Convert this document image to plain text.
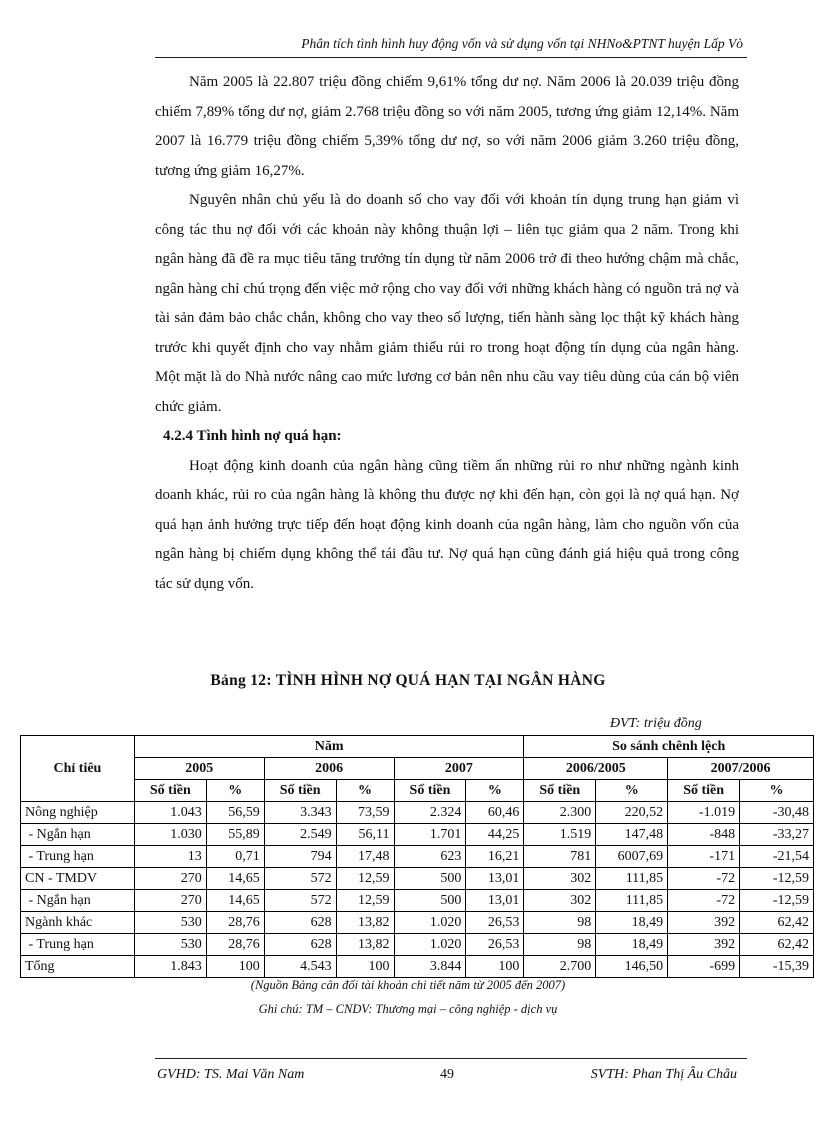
Phân tích tình hình huy động vốn và sử dụng vốn tại NHNo&PTNT huyện Lấp Vò

Năm 2005 là 22.807 triệu đồng chiếm 9,61% tổng dư nợ. Năm 2006 là 20.039 triệu đồng chiếm 7,89% tổng dư nợ, giảm 2.768 triệu đồng so với năm 2005, tương ứng giảm 12,14%. Năm 2007 là 16.779 triệu đồng chiếm 5,39% tổng dư nợ, so với năm 2006 giảm 3.260 triệu đồng, tương ứng giảm 16,27%.

Nguyên nhân chủ yếu là do doanh số cho vay đối với khoản tín dụng trung hạn giảm vì công tác thu nợ đối với các khoản này không thuận lợi – liên tục giảm qua 2 năm. Trong khi ngân hàng đã đề ra mục tiêu tăng trưởng tín dụng từ năm 2006 trở đi theo hướng chậm mà chắc, ngân hàng chỉ chú trọng đến việc mở rộng cho vay đối với những khách hàng có nguồn trả nợ và tài sản đảm bảo chắc chắn, không cho vay theo số lượng, tiến hành sàng lọc thật kỹ khách hàng trước khi quyết định cho vay nhằm giảm thiểu rủi ro trong hoạt động tín dụng của ngân hàng. Một mặt là do Nhà nước nâng cao mức lương cơ bản nên nhu cầu vay tiêu dùng của cán bộ viên chức giảm.

4.2.4 Tình hình nợ quá hạn:

Hoạt động kinh doanh của ngân hàng cũng tiềm ẩn những rủi ro như những ngành kinh doanh khác, rủi ro của ngân hàng là không thu được nợ khi đến hạn, còn gọi là nợ quá hạn. Nợ quá hạn ảnh hưởng trực tiếp đến hoạt động kinh doanh của ngân hàng, làm cho nguồn vốn của ngân hàng bị chiếm dụng không thể tái đầu tư. Nợ quá hạn cũng đánh giá hiệu quả trong công tác sử dụng vốn.

Bảng 12: TÌNH HÌNH NỢ QUÁ HẠN TẠI NGÂN HÀNG
ĐVT: triệu đồng
Chỉ tiêu	Năm						So sánh chênh lệch			
	2005		2006		2007		2006/2005		2007/2006	
	Số tiền	%	Số tiền	%	Số tiền	%	Số tiền	%	Số tiền	%
Nông nghiệp	1.043	56,59	3.343	73,59	2.324	60,46	2.300	220,52	-1.019	-30,48
- Ngắn hạn	1.030	55,89	2.549	56,11	1.701	44,25	1.519	147,48	-848	-33,27
- Trung hạn	13	0,71	794	17,48	623	16,21	781	6007,69	-171	-21,54
CN - TMDV	270	14,65	572	12,59	500	13,01	302	111,85	-72	-12,59
- Ngắn hạn	270	14,65	572	12,59	500	13,01	302	111,85	-72	-12,59
Ngành khác	530	28,76	628	13,82	1.020	26,53	98	18,49	392	62,42
- Trung hạn	530	28,76	628	13,82	1.020	26,53	98	18,49	392	62,42
Tổng	1.843	100	4.543	100	3.844	100	2.700	146,50	-699	-15,39
(Nguồn Bảng cân đối tài khoản chi tiết năm từ 2005 đến 2007)
Ghi chú: TM – CNDV: Thương mại – công nghiệp - dịch vụ
GVHD: TS. Mai Văn Nam	49	SVTH: Phan Thị Âu Châu
